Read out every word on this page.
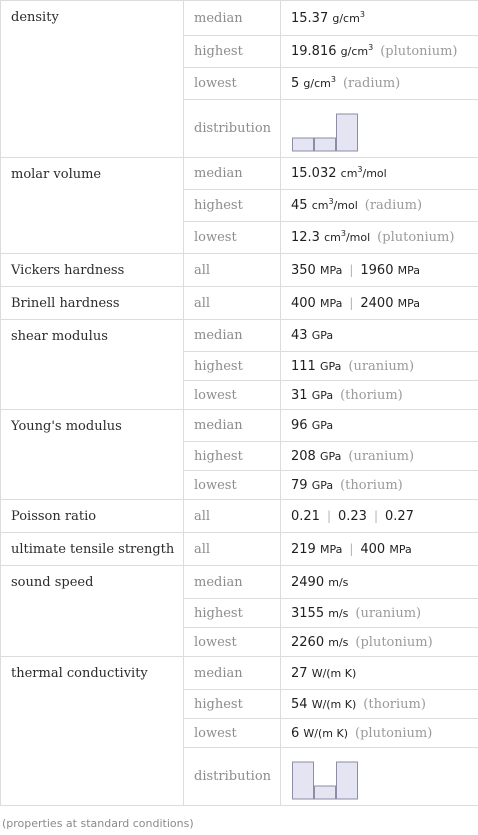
density	median	15.37 $g/cm^3$
	highest	19.816 $g/cm^3$ (plutonium)
	lowest	5 $g/cm^3$ (radium)
	distribution	

molar volume	median	15.032 $cm^3$/mol
	highest	45 $cm^3$/mol (radium)
	lowest	12.3 $cm^3$/mol (plutonium)
Vickers hardness	all	350 MPa | 1960 MPa
Brinell hardness	all	400 MPa | 2400 MPa
shear modulus	median	43 GPa
	highest	111 GPa (uranium)
	lowest	31 GPa (thorium)
Young's modulus	median	96 GPa
	highest	208 GPa (uranium)
	lowest	79 GPa (thorium)
Poisson ratio	all	0.21 | 0.23 | 0.27
ultimate tensile strength	all	219 MPa | 400 MPa
sound speed	median	2490 m/s
	highest	3155 m/s (uranium)
	lowest	2260 m/s (plutonium)
thermal conductivity	median	27 W/(m K)
	highest	54 W/(m K) (thorium)
	lowest	6 W/(m K) (plutonium)
	distribution	
(properties at standard conditions)
